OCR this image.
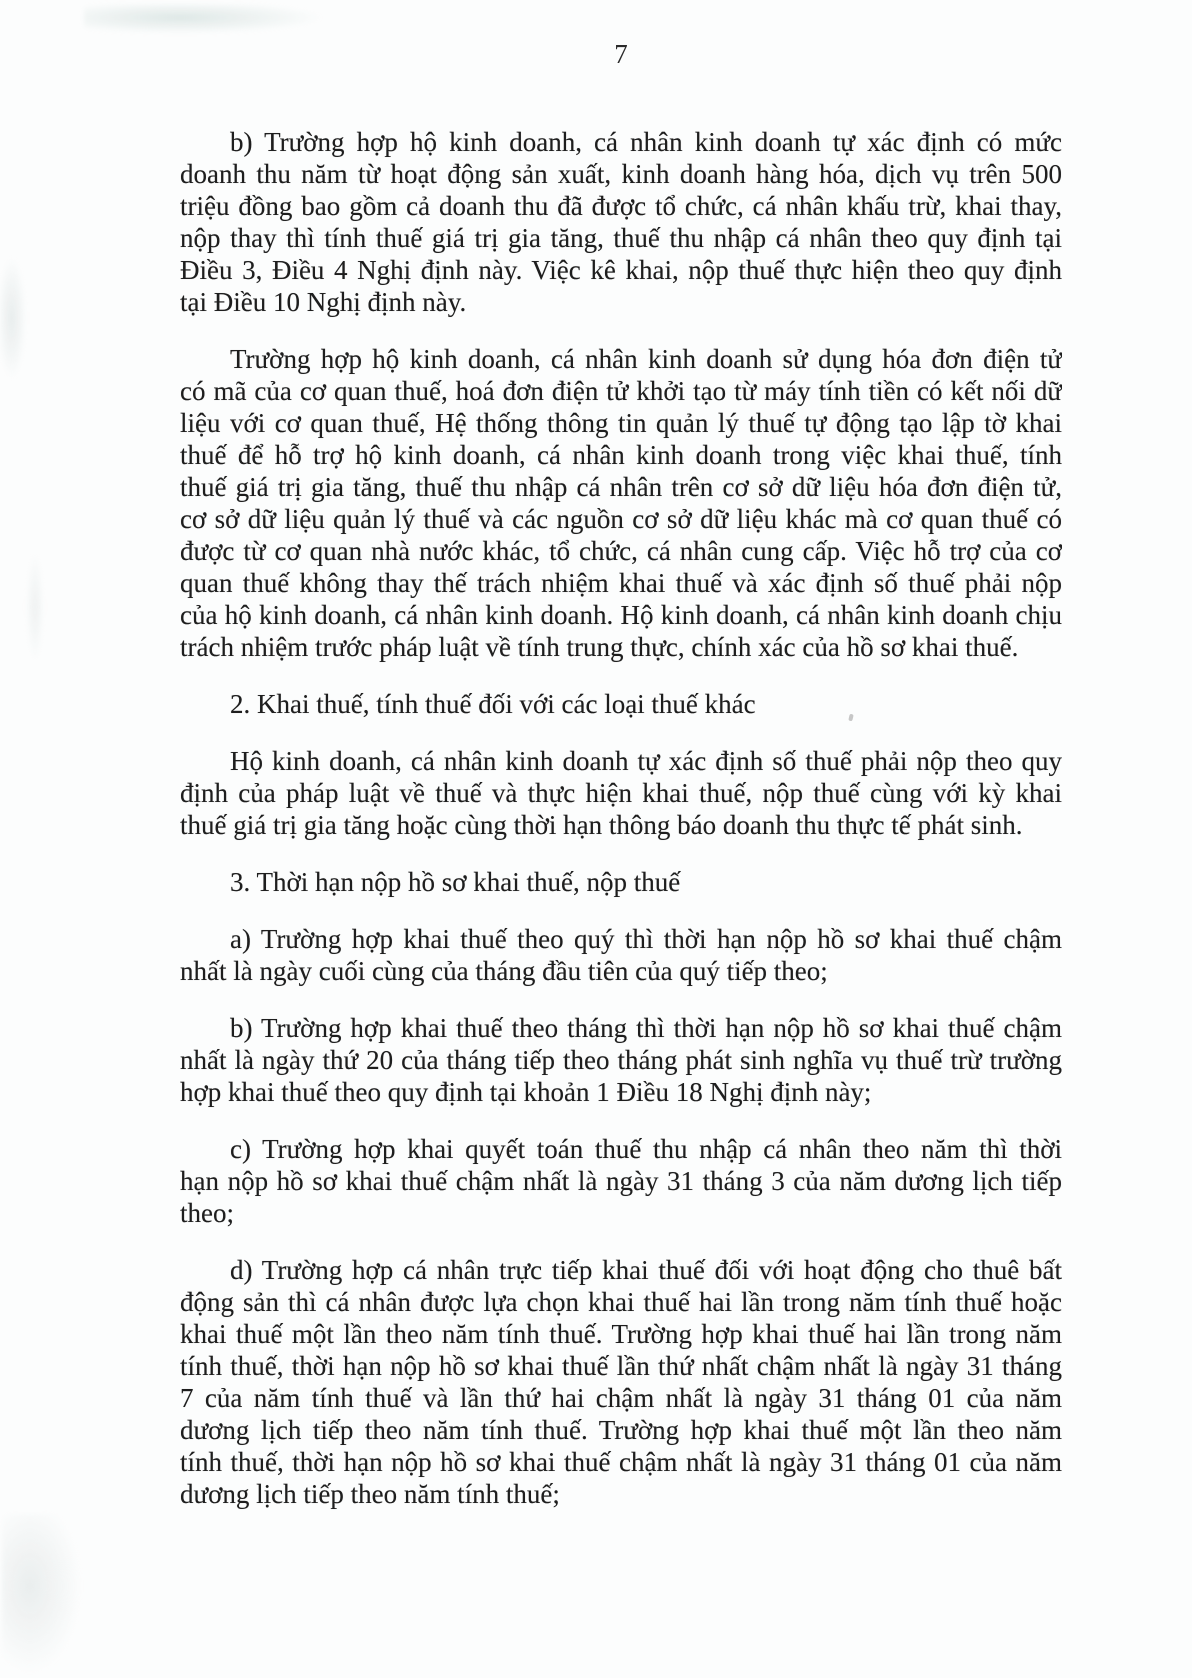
7
b) Trường hợp hộ kinh doanh, cá nhân kinh doanh tự xác định có mức
doanh thu năm từ hoạt động sản xuất, kinh doanh hàng hóa, dịch vụ trên 500
triệu đồng bao gồm cả doanh thu đã được tổ chức, cá nhân khấu trừ, khai thay,
nộp thay thì tính thuế giá trị gia tăng, thuế thu nhập cá nhân theo quy định tại
Điều 3, Điều 4 Nghị định này. Việc kê khai, nộp thuế thực hiện theo quy định
tại Điều 10 Nghị định này.
Trường hợp hộ kinh doanh, cá nhân kinh doanh sử dụng hóa đơn điện tử
có mã của cơ quan thuế, hoá đơn điện tử khởi tạo từ máy tính tiền có kết nối dữ
liệu với cơ quan thuế, Hệ thống thông tin quản lý thuế tự động tạo lập tờ khai
thuế để hỗ trợ hộ kinh doanh, cá nhân kinh doanh trong việc khai thuế, tính
thuế giá trị gia tăng, thuế thu nhập cá nhân trên cơ sở dữ liệu hóa đơn điện tử,
cơ sở dữ liệu quản lý thuế và các nguồn cơ sở dữ liệu khác mà cơ quan thuế có
được từ cơ quan nhà nước khác, tổ chức, cá nhân cung cấp. Việc hỗ trợ của cơ
quan thuế không thay thế trách nhiệm khai thuế và xác định số thuế phải nộp
của hộ kinh doanh, cá nhân kinh doanh. Hộ kinh doanh, cá nhân kinh doanh chịu
trách nhiệm trước pháp luật về tính trung thực, chính xác của hồ sơ khai thuế.
2. Khai thuế, tính thuế đối với các loại thuế khác
Hộ kinh doanh, cá nhân kinh doanh tự xác định số thuế phải nộp theo quy
định của pháp luật về thuế và thực hiện khai thuế, nộp thuế cùng với kỳ khai
thuế giá trị gia tăng hoặc cùng thời hạn thông báo doanh thu thực tế phát sinh.
3. Thời hạn nộp hồ sơ khai thuế, nộp thuế
a) Trường hợp khai thuế theo quý thì thời hạn nộp hồ sơ khai thuế chậm
nhất là ngày cuối cùng của tháng đầu tiên của quý tiếp theo;
b) Trường hợp khai thuế theo tháng thì thời hạn nộp hồ sơ khai thuế chậm
nhất là ngày thứ 20 của tháng tiếp theo tháng phát sinh nghĩa vụ thuế trừ trường
hợp khai thuế theo quy định tại khoản 1 Điều 18 Nghị định này;
c) Trường hợp khai quyết toán thuế thu nhập cá nhân theo năm thì thời
hạn nộp hồ sơ khai thuế chậm nhất là ngày 31 tháng 3 của năm dương lịch tiếp
theo;
d) Trường hợp cá nhân trực tiếp khai thuế đối với hoạt động cho thuê bất
động sản thì cá nhân được lựa chọn khai thuế hai lần trong năm tính thuế hoặc
khai thuế một lần theo năm tính thuế. Trường hợp khai thuế hai lần trong năm
tính thuế, thời hạn nộp hồ sơ khai thuế lần thứ nhất chậm nhất là ngày 31 tháng
7 của năm tính thuế và lần thứ hai chậm nhất là ngày 31 tháng 01 của năm
dương lịch tiếp theo năm tính thuế. Trường hợp khai thuế một lần theo năm
tính thuế, thời hạn nộp hồ sơ khai thuế chậm nhất là ngày 31 tháng 01 của năm
dương lịch tiếp theo năm tính thuế;
